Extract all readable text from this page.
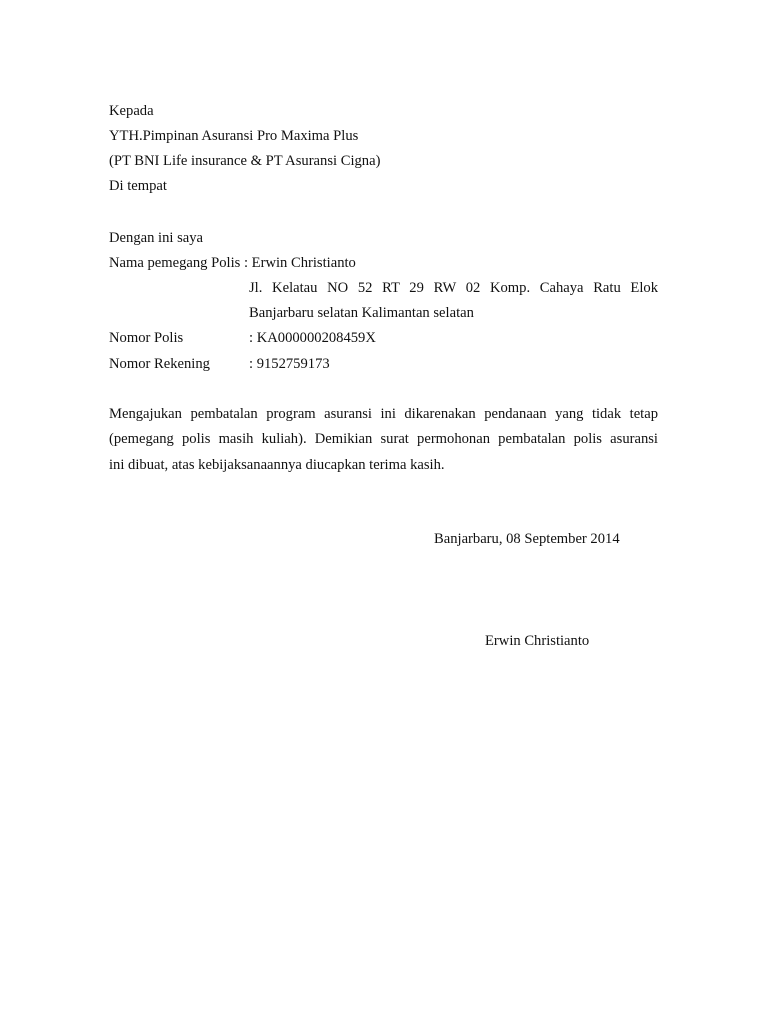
Kepada
YTH.Pimpinan Asuransi Pro Maxima Plus
(PT BNI Life insurance & PT Asuransi Cigna)
Di tempat
Dengan ini saya
Nama pemegang Polis : Erwin Christianto
Jl. Kelatau NO 52 RT 29 RW 02 Komp. Cahaya Ratu Elok
Banjarbaru selatan Kalimantan selatan
Nomor Polis	: KA000000208459X
Nomor Rekening	: 9152759173
Mengajukan pembatalan program asuransi ini dikarenakan pendanaan yang tidak tetap
(pemegang polis masih kuliah). Demikian surat permohonan pembatalan polis asuransi
ini dibuat, atas kebijaksanaannya diucapkan terima kasih.
Banjarbaru, 08 September 2014
Erwin Christianto
